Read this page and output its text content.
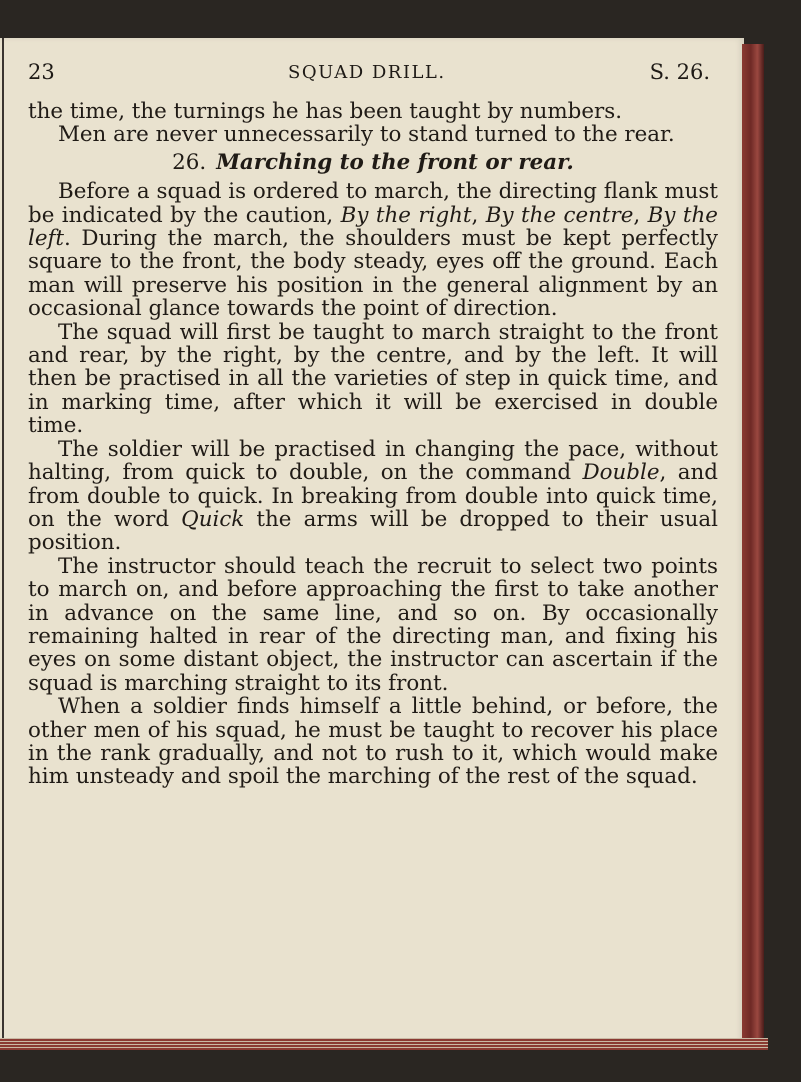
23	SQUAD DRILL.	S. 26.

the time, the turnings he has been taught by numbers.

Men are never unnecessarily to stand turned to the rear.

26. Marching to the front or rear.

Before a squad is ordered to march, the directing flank must be indicated by the caution, By the right, By the centre, By the left. During the march, the shoulders must be kept perfectly square to the front, the body steady, eyes off the ground. Each man will preserve his position in the general alignment by an occasional glance towards the point of direction.

The squad will first be taught to march straight to the front and rear, by the right, by the centre, and by the left. It will then be practised in all the varieties of step in quick time, and in marking time, after which it will be exercised in double time.

The soldier will be practised in changing the pace, without halting, from quick to double, on the command Double, and from double to quick. In breaking from double into quick time, on the word Quick the arms will be dropped to their usual position.

The instructor should teach the recruit to select two points to march on, and before approaching the first to take another in advance on the same line, and so on. By occasionally remaining halted in rear of the directing man, and fixing his eyes on some distant object, the instructor can ascertain if the squad is marching straight to its front.

When a soldier finds himself a little behind, or before, the other men of his squad, he must be taught to recover his place in the rank gradually, and not to rush to it, which would make him unsteady and spoil the marching of the rest of the squad.
